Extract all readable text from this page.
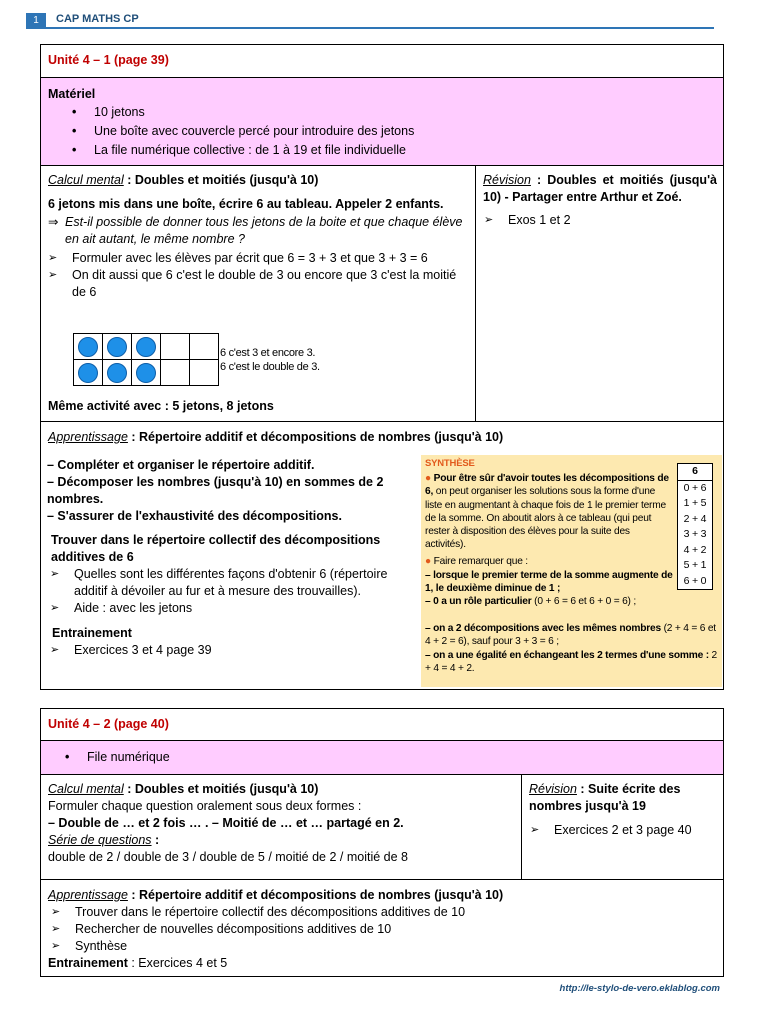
1	CAP MATHS CP
Unité 4 – 1 (page 39)
Matériel
• 10 jetons
• Une boîte avec couvercle percé pour introduire des jetons
• La file numérique collective : de 1 à 19 et file individuelle

Calcul mental : Doubles et moitiés (jusqu'à 10)

6 jetons mis dans une boîte, écrire 6 au tableau. Appeler 2 enfants.

⇒ Est-il possible de donner tous les jetons de la boite et que chaque élève en ait autant, le même nombre ?

➢ Formuler avec les élèves par écrit que 6 = 3 + 3 et que 3 + 3 = 6
➢ On dit aussi que 6 c'est le double de 3 ou encore que 3 c'est la moitié de 6
6 c'est 3 et encore 3.
6 c'est le double de 3.

Même activité avec : 5 jetons, 8 jetons

Révision : Doubles et moitiés (jusqu'à 10) - Partager entre Arthur et Zoé.

➢ Exos 1 et 2

Apprentissage : Répertoire additif et décompositions de nombres (jusqu'à 10)

– Compléter et organiser le répertoire additif.

– Décomposer les nombres (jusqu'à 10) en sommes de 2 nombres.

– S'assurer de l'exhaustivité des décompositions.

Trouver dans le répertoire collectif des décompositions additives de 6

➢ Quelles sont les différentes façons d'obtenir 6 (répertoire additif à dévoiler au fur et à mesure des trouvailles).
➢ Aide : avec les jetons

Entrainement

➢ Exercices 3 et 4 page 39
SYNTHÈSE
● Pour être sûr d'avoir toutes les décompositions de 6, on peut organiser les solutions sous la forme d'une liste en augmentant à chaque fois de 1 le premier terme de la somme. On aboutit alors à ce tableau (qui peut rester à disposition des élèves pour la suite des activités).
● Faire remarquer que :
– lorsque le premier terme de la somme augmente de 1, le deuxième diminue de 1 ;
– 0 a un rôle particulier (0 + 6 = 6 et 6 + 0 = 6) ;
– on a 2 décompositions avec les mêmes nombres (2 + 4 = 6 et 4 + 2 = 6), sauf pour 3 + 3 = 6 ;
– on a une égalité en échangeant les 2 termes d'une somme : 2 + 4 = 4 + 2.
6
0 + 6
1 + 5
2 + 4
3 + 3
4 + 2
5 + 1
6 + 0
Unité 4 – 2 (page 40)
• File numérique

Calcul mental : Doubles et moitiés (jusqu'à 10)

Formuler chaque question oralement sous deux formes :

– Double de … et 2 fois … . – Moitié de … et … partagé en 2.

Série de questions :

double de 2 / double de 3 / double de 5 / moitié de 2 / moitié de 8

Révision : Suite écrite des nombres jusqu'à 19

➢ Exercices 2 et 3 page 40

Apprentissage : Répertoire additif et décompositions de nombres (jusqu'à 10)

➢ Trouver dans le répertoire collectif des décompositions additives de 10
➢ Rechercher de nouvelles décompositions additives de 10
➢ Synthèse

Entrainement : Exercices 4 et 5

http://le-stylo-de-vero.eklablog.com
